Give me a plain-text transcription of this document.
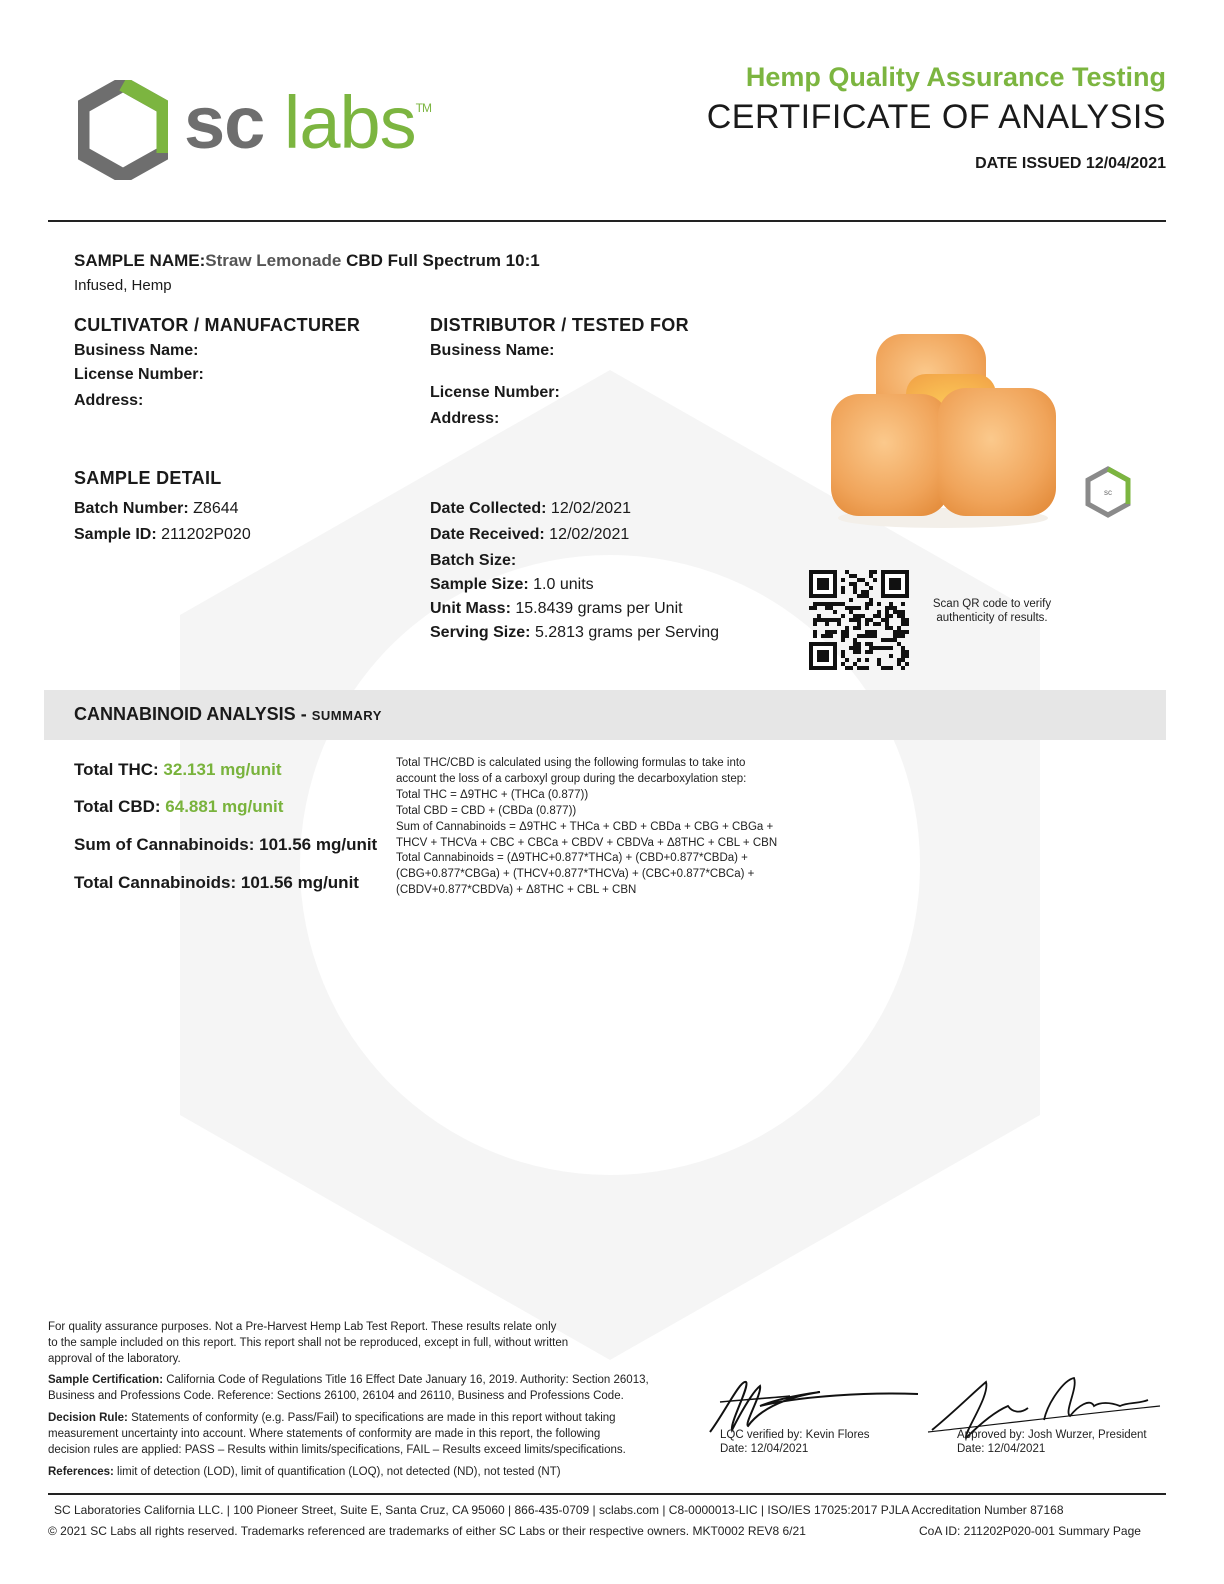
sc labs™
Hemp Quality Assurance Testing
CERTIFICATE OF ANALYSIS
DATE ISSUED 12/04/2021
SAMPLE NAME:Straw Lemonade CBD Full Spectrum 10:1
Infused, Hemp
CULTIVATOR / MANUFACTURER
Business Name:
License Number:
Address:
DISTRIBUTOR / TESTED FOR
Business Name:
License Number:
Address:
sc
SAMPLE DETAIL
Batch Number: Z8644
Sample ID: 211202P020
Date Collected: 12/02/2021
Date Received: 12/02/2021
Batch Size:
Sample Size: 1.0 units
Unit Mass: 15.8439 grams per Unit
Serving Size: 5.2813 grams per Serving
Scan QR code to verify
authenticity of results.
CANNABINOID ANALYSIS - SUMMARY
Total THC: 32.131 mg/unit
Total CBD: 64.881 mg/unit
Sum of Cannabinoids: 101.56 mg/unit
Total Cannabinoids: 101.56 mg/unit
Total THC/CBD is calculated using the following formulas to take into
account the loss of a carboxyl group during the decarboxylation step:
Total THC = Δ9THC + (THCa (0.877))
Total CBD = CBD + (CBDa (0.877))
Sum of Cannabinoids = Δ9THC + THCa + CBD + CBDa + CBG + CBGa +
THCV + THCVa + CBC + CBCa + CBDV + CBDVa + Δ8THC + CBL + CBN
Total Cannabinoids = (Δ9THC+0.877*THCa) + (CBD+0.877*CBDa) +
(CBG+0.877*CBGa) + (THCV+0.877*THCVa) + (CBC+0.877*CBCa) +
(CBDV+0.877*CBDVa) + Δ8THC + CBL + CBN
For quality assurance purposes. Not a Pre-Harvest Hemp Lab Test Report. These results relate only
to the sample included on this report. This report shall not be reproduced, except in full, without written
approval of the laboratory.
Sample Certification: California Code of Regulations Title 16 Effect Date January 16, 2019. Authority: Section 26013,
Business and Professions Code. Reference: Sections 26100, 26104 and 26110, Business and Professions Code.
Decision Rule: Statements of conformity (e.g. Pass/Fail) to specifications are made in this report without taking
measurement uncertainty into account. Where statements of conformity are made in this report, the following
decision rules are applied: PASS – Results within limits/specifications, FAIL – Results exceed limits/specifications.
References: limit of detection (LOD), limit of quantification (LOQ), not detected (ND), not tested (NT)
LQC verified by: Kevin Flores
Date: 12/04/2021
Approved by: Josh Wurzer, President
Date: 12/04/2021
SC Laboratories California LLC. | 100 Pioneer Street, Suite E, Santa Cruz, CA 95060 | 866-435-0709 | sclabs.com | C8-0000013-LIC | ISO/IES 17025:2017 PJLA Accreditation Number 87168
© 2021 SC Labs all rights reserved. Trademarks referenced are trademarks of either SC Labs or their respective owners. MKT0002 REV8 6/21	CoA ID: 211202P020-001 Summary Page
